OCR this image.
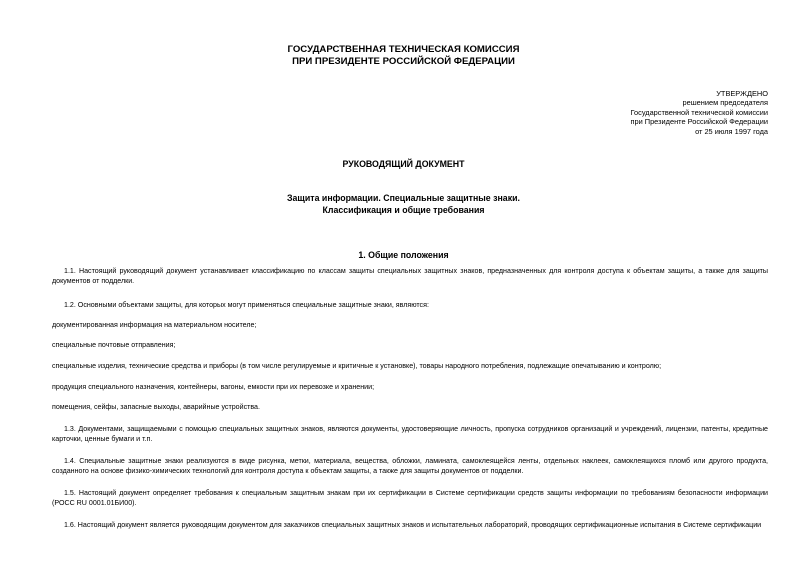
ГОСУДАРСТВЕННАЯ ТЕХНИЧЕСКАЯ КОМИССИЯ
ПРИ ПРЕЗИДЕНТЕ РОССИЙСКОЙ ФЕДЕРАЦИИ
УТВЕРЖДЕНО
решением председателя
Государственной технической комиссии
при Президенте Российской Федерации
от 25 июля 1997 года
РУКОВОДЯЩИЙ ДОКУМЕНТ
Защита информации. Специальные защитные знаки.
Классификация и общие требования
1. Общие положения

1.1. Настоящий руководящий документ устанавливает классификацию по классам защиты специальных защитных знаков, предназначенных для контроля доступа к объектам защиты, а также для защиты документов от подделки.

1.2. Основными объектами защиты, для которых могут применяться специальные защитные знаки, являются:

документированная информация на материальном носителе;

специальные почтовые отправления;

специальные изделия, технические средства и приборы (в том числе регулируемые и критичные к установке), товары народного потребления, подлежащие опечатыванию и контролю;

продукция специального назначения, контейнеры, вагоны, емкости при их перевозке и хранении;

помещения, сейфы, запасные выходы, аварийные устройства.

1.3. Документами, защищаемыми с помощью специальных защитных знаков, являются документы, удостоверяющие личность, пропуска сотрудников организаций и учреждений, лицензии, патенты, кредитные карточки, ценные бумаги и т.п.

1.4. Специальные защитные знаки реализуются в виде рисунка, метки, материала, вещества, обложки, ламината, самоклеящейся ленты, отдельных наклеек, самоклеящихся пломб или другого продукта, созданного на основе физико-химических технологий для контроля доступа к объектам защиты, а также для защиты документов от подделки.

1.5. Настоящий документ определяет требования к специальным защитным знакам при их сертификации в Системе сертификации средств защиты информации по требованиям безопасности информации (РОСС RU 0001.01БИ00).

1.6. Настоящий документ является руководящим документом для заказчиков специальных защитных знаков и испытательных лабораторий, проводящих сертификационные испытания в Системе сертификации
